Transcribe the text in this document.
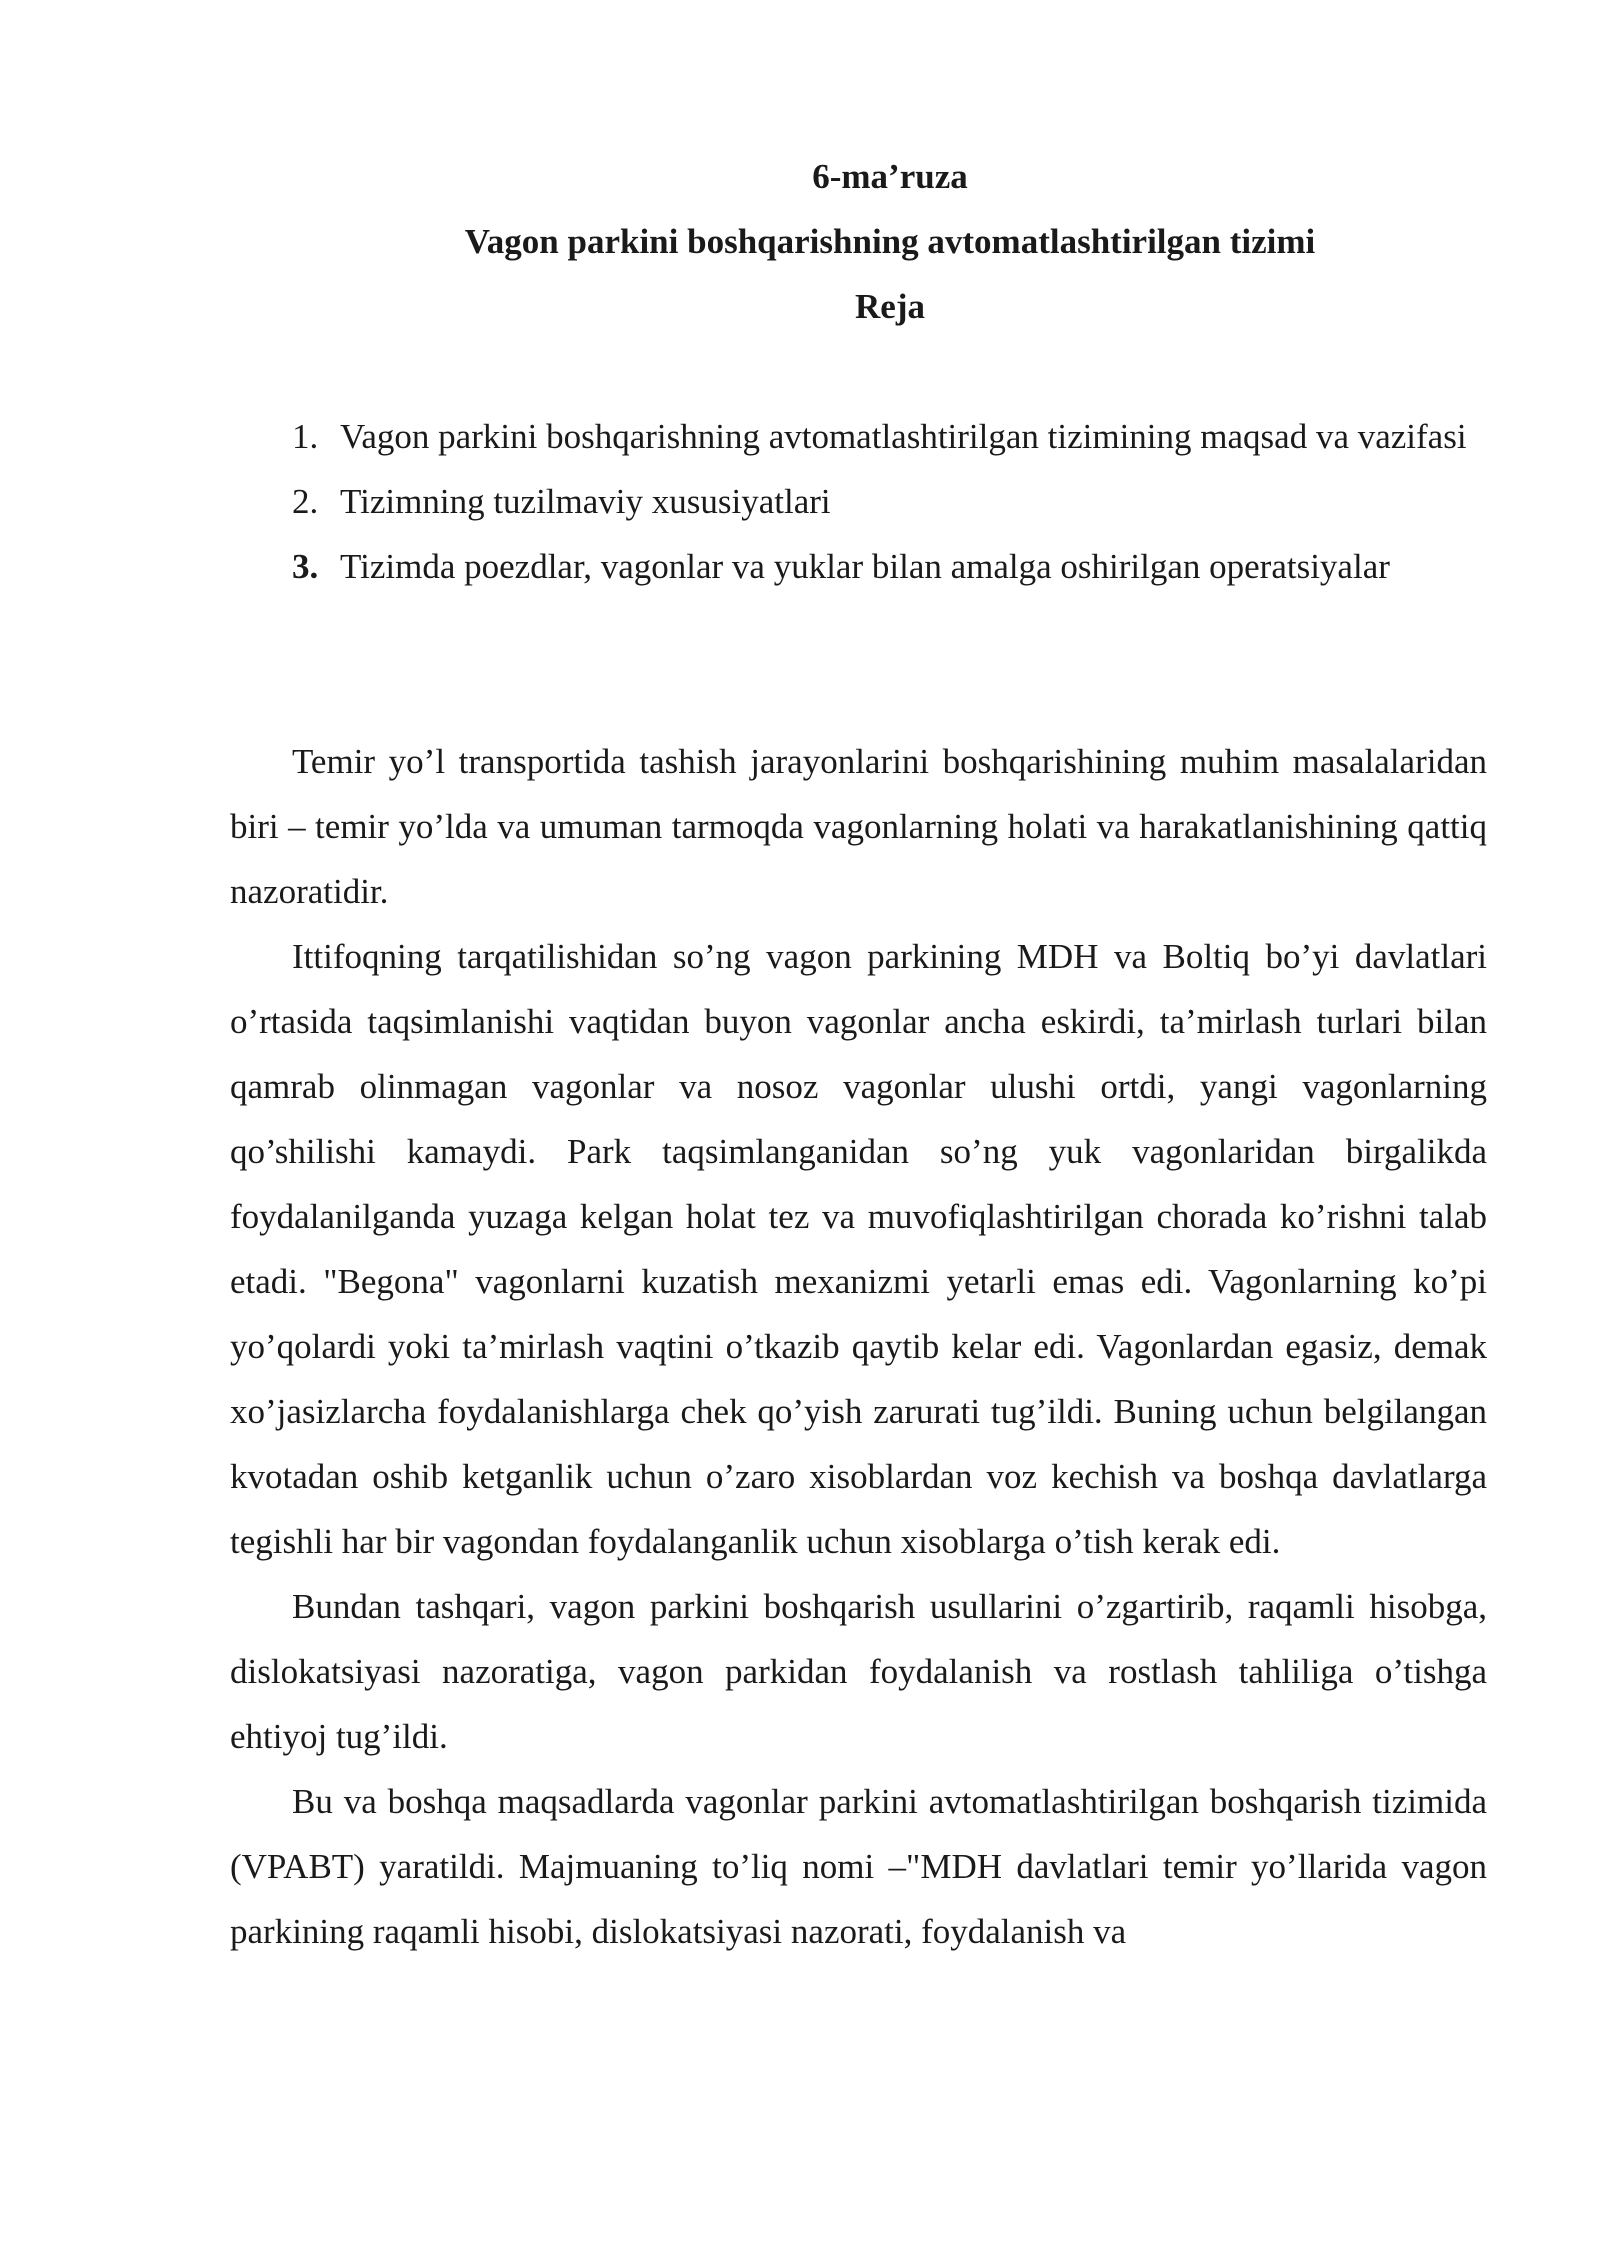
6-ma’ruza
Vagon parkini boshqarishning avtomatlashtirilgan tizimi
Reja
1. Vagon parkini boshqarishning avtomatlashtirilgan tizimining maqsad va vazifasi
2. Tizimning tuzilmaviy xususiyatlari
3. Tizimda poezdlar, vagonlar va yuklar bilan amalga oshirilgan operatsiyalar

Temir yo’l transportida tashish jarayonlarini boshqarishining muhim masalalaridan biri – temir yo’lda va umuman tarmoqda vagonlarning holati va harakatlanishining qattiq nazoratidir.

Ittifoqning tarqatilishidan so’ng vagon parkining MDH va Boltiq bo’yi davlatlari o’rtasida taqsimlanishi vaqtidan buyon vagonlar ancha eskirdi, ta’mirlash turlari bilan qamrab olinmagan vagonlar va nosoz vagonlar ulushi ortdi, yangi vagonlarning qo’shilishi kamaydi. Park taqsimlanganidan so’ng yuk vagonlaridan birgalikda foydalanilganda yuzaga kelgan holat tez va muvofiqlashtirilgan chorada ko’rishni talab etadi. "Begona" vagonlarni kuzatish mexanizmi yetarli emas edi. Vagonlarning ko’pi yo’qolardi yoki ta’mirlash vaqtini o’tkazib qaytib kelar edi. Vagonlardan egasiz, demak xo’jasizlarcha foydalanishlarga chek qo’yish zarurati tug’ildi. Buning uchun belgilangan kvotadan oshib ketganlik uchun o’zaro xisoblardan voz kechish va boshqa davlatlarga tegishli har bir vagondan foydalanganlik uchun xisoblarga o’tish kerak edi.

Bundan tashqari, vagon parkini boshqarish usullarini o’zgartirib, raqamli hisobga, dislokatsiyasi nazoratiga, vagon parkidan foydalanish va rostlash tahliliga o’tishga ehtiyoj tug’ildi.

Bu va boshqa maqsadlarda vagonlar parkini avtomatlashtirilgan boshqarish tizimida (VPABT) yaratildi. Majmuaning to’liq nomi –"MDH davlatlari temir yo’llarida vagon parkining raqamli hisobi, dislokatsiyasi nazorati, foydalanish va
